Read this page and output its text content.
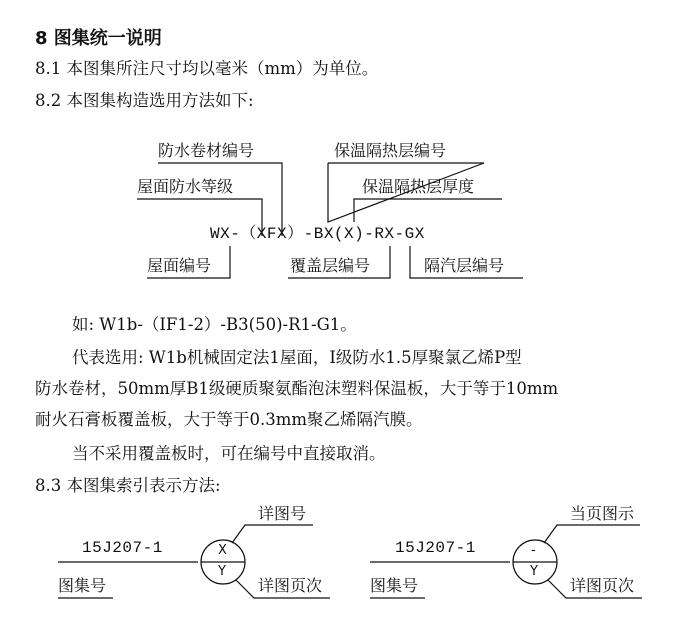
8 图集统一说明
8.1 本图集所注尺寸均以毫米（mm）为单位。
8.2 本图集构造选用方法如下:
防水卷材编号	保温隔热层编号
屋面防水等级	保温隔热层厚度
WX-（XFX）-BX(X)-RX-GX
屋面编号	覆盖层编号	隔汽层编号
如: W1b-（ⅠF1-2）-B3(50)-R1-G1。
代表选用: W1b机械固定法1屋面，Ⅰ级防水1.5厚聚氯乙烯P型
防水卷材，50mm厚B1级硬质聚氨酯泡沫塑料保温板，大于等于10mm
耐火石膏板覆盖板，大于等于0.3mm聚乙烯隔汽膜。
当不采用覆盖板时，可在编号中直接取消。
8.3 本图集索引表示方法:
15J207-1	X
Y
详图号
图集号	详图页次
15J207-1	-
Y
当页图示
图集号	详图页次
